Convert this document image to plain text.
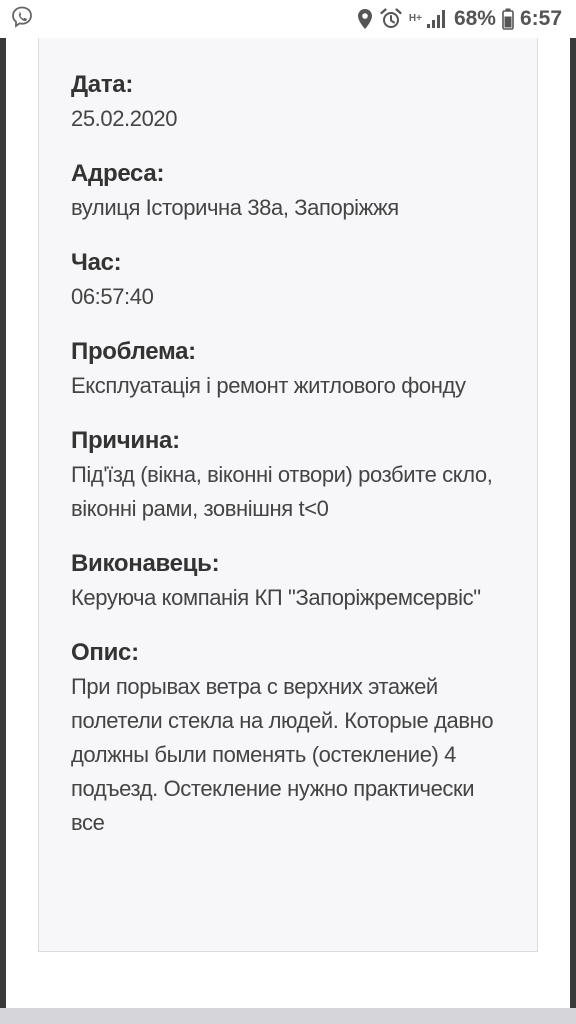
H+ 68% 6:57
Дата:
25.02.2020
Адреса:
вулиця Історична 38а, Запоріжжя
Час:
06:57:40
Проблема:
Експлуатація і ремонт житлового фонду
Причина:
Під'їзд (вікна, віконні отвори) розбите скло, віконні рами, зовнішня t<0
Виконавець:
Керуюча компанія КП "Запоріжремсервіс"
Опис:
При порывах ветра с верхних этажей полетели стекла на людей. Которые давно должны были поменять (остекление) 4 подъезд. Остекление нужно практически все
